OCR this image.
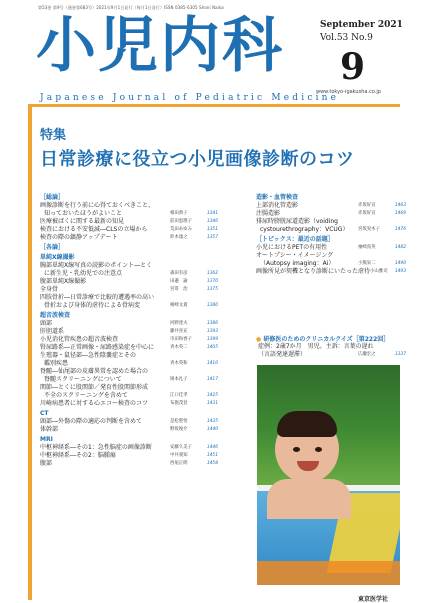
第53巻 第9号（通巻第683号）2021年9月1日発行（毎月1日発行）ISSN 0385-6305 Shoni Naika
小児内科	September 2021
Vol.53 No.9
9
www.tokyo-igakusha.co.jp
Japanese Journal of Pediatric Medicine
特集
日常診療に役立つ小児画像診断のコツ
［総論］
画像診断を行う前に心得ておくべきこと、
知っておいたほうがよいこと	相田典子	1341
医療被ばくに関する最新の知見	前田恵理子	1346
検査における不安低減―CLSの立場から	荒田あゆみ	1351
検査の際の鎮静アップデート	鈴木康之	1357
［各論］
単純X線撮影
胸部単純X線写真の読影のポイント―とく
に新生児・乳幼児での注意点	森田有彦	1362
腹部単純X線撮影	田邉　諭	1370
全身骨	宮嵜　治	1375
四肢骨折―日常診療で比較的遭遇率の高い
骨折および身体的虐待による骨病変	相崎文貴	1380
超音波検査
頭部	河野達夫	1386
肝胆道系	藤井喜充	1393
小児消化管疾患の超音波検査	市田和香子	1399
腎尿路系―正常画像・尿路感染症を中心に	青木英二	1405
生殖器・鼠径部―急性陰嚢症とその
鑑別疾患	青木英和	1410
脊髄―仙尾部の皮膚異常を認めた場合の
脊髄スクリーニングについて	岡本礼子	1417
関節―とくに股関節／発育性股関節形成
不全のスクリーニングを含めて	江口佳孝	1425
川崎病患者に対する心エコー検査のコツ	布施茂登	1431
CT
頭部―外傷の際の適応の判断を含めて	是松聖悟	1435
体幹部	野坂俊介	1440
MRI
中枢神経系―その1：急性脳症の画像診断	安藤久美子	1446
中枢神経系―その2：脳腫瘍	中井義知	1451
腹部	西尾正朗	1458
造影・血管検査
上部消化管造影	赤坂好宣	1463
注腸造影	赤坂好宣	1469
排尿時膀胱尿道造影（voiding
cystourethrography：VCUG）	宮坂実木子	1476
［トピックス：最近の話題］
小児におけるPETの有用性	袖崎真英	1482
オートプシー・イメージング
（Autopsy imaging：Ai）	小熊栄二	1490
画像所見が契機となり診断にいたった虐待 小山雅司	1493
● 研修医のためのクリニカルクイズ［第222回］
症例：2歳7か月　男児。主訴：言葉の遅れ
（言語発達遅滞）	広瀬宏之	1337
東京医学社
